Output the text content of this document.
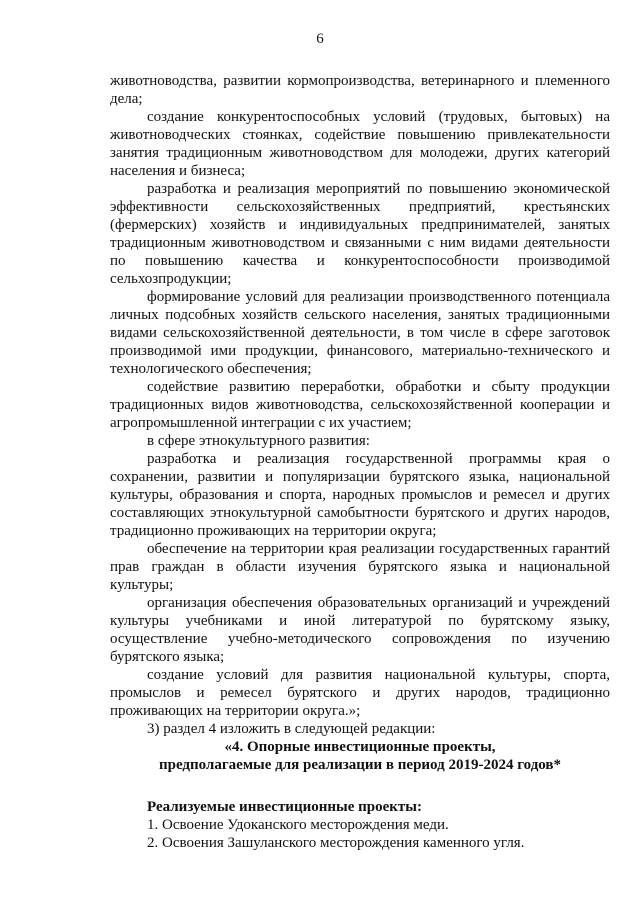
6

животноводства, развитии кормопроизводства, ветеринарного и племенного дела;

создание конкурентоспособных условий (трудовых, бытовых) на животноводческих стоянках, содействие повышению привлекательности занятия традиционным животноводством для молодежи, других категорий населения и бизнеса;

разработка и реализация мероприятий по повышению экономической эффективности сельскохозяйственных предприятий, крестьянских (фермерских) хозяйств и индивидуальных предпринимателей, занятых традиционным животноводством и связанными с ним видами деятельности по повышению качества и конкурентоспособности производимой сельхозпродукции;

формирование условий для реализации производственного потенциала личных подсобных хозяйств сельского населения, занятых традиционными видами сельскохозяйственной деятельности, в том числе в сфере заготовок производимой ими продукции, финансового, материально-технического и технологического обеспечения;

содействие развитию переработки, обработки и сбыту продукции традиционных видов животноводства, сельскохозяйственной кооперации и агропромышленной интеграции с их участием;

в сфере этнокультурного развития:

разработка и реализация государственной программы края о сохранении, развитии и популяризации бурятского языка, национальной культуры, образования и спорта, народных промыслов и ремесел и других составляющих этнокультурной самобытности бурятского и других народов, традиционно проживающих на территории округа;

обеспечение на территории края реализации государственных гарантий прав граждан в области изучения бурятского языка и национальной культуры;

организация обеспечения образовательных организаций и учреждений культуры учебниками и иной литературой по бурятскому языку, осуществление учебно-методического сопровождения по изучению бурятского языка;

создание условий для развития национальной культуры, спорта, промыслов и ремесел бурятского и других народов, традиционно проживающих на территории округа.»;

3) раздел 4 изложить в следующей редакции:

«4. Опорные инвестиционные проекты,

предполагаемые для реализации в период 2019-2024 годов*

Реализуемые инвестиционные проекты:

1. Освоение Удоканского месторождения меди.

2. Освоения Зашуланского месторождения каменного угля.
